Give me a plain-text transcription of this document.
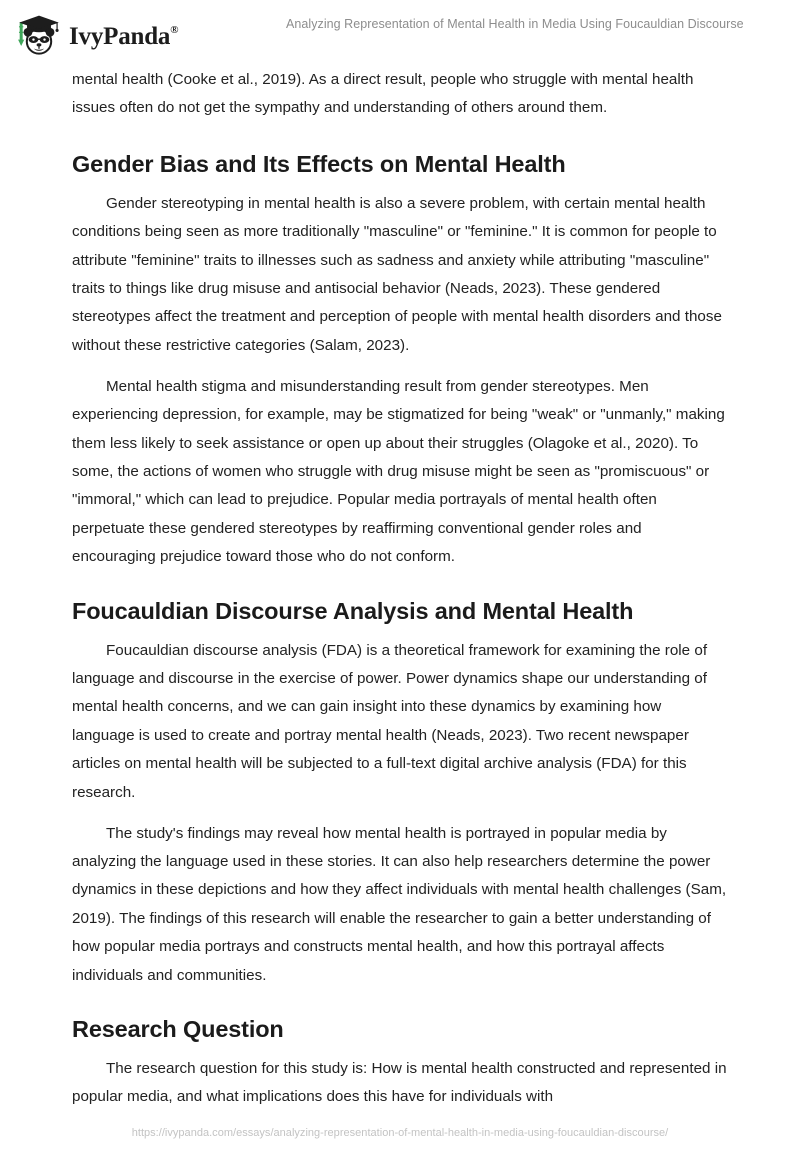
IvyPanda®	Analyzing Representation of Mental Health in Media Using Foucauldian Discourse

mental health (Cooke et al., 2019). As a direct result, people who struggle with mental health issues often do not get the sympathy and understanding of others around them.

Gender Bias and Its Effects on Mental Health

Gender stereotyping in mental health is also a severe problem, with certain mental health conditions being seen as more traditionally "masculine" or "feminine." It is common for people to attribute "feminine" traits to illnesses such as sadness and anxiety while attributing "masculine" traits to things like drug misuse and antisocial behavior (Neads, 2023). These gendered stereotypes affect the treatment and perception of people with mental health disorders and those without these restrictive categories (Salam, 2023).

Mental health stigma and misunderstanding result from gender stereotypes. Men experiencing depression, for example, may be stigmatized for being "weak" or "unmanly," making them less likely to seek assistance or open up about their struggles (Olagoke et al., 2020). To some, the actions of women who struggle with drug misuse might be seen as "promiscuous" or "immoral," which can lead to prejudice. Popular media portrayals of mental health often perpetuate these gendered stereotypes by reaffirming conventional gender roles and encouraging prejudice toward those who do not conform.

Foucauldian Discourse Analysis and Mental Health

Foucauldian discourse analysis (FDA) is a theoretical framework for examining the role of language and discourse in the exercise of power. Power dynamics shape our understanding of mental health concerns, and we can gain insight into these dynamics by examining how language is used to create and portray mental health (Neads, 2023). Two recent newspaper articles on mental health will be subjected to a full-text digital archive analysis (FDA) for this research.

The study's findings may reveal how mental health is portrayed in popular media by analyzing the language used in these stories. It can also help researchers determine the power dynamics in these depictions and how they affect individuals with mental health challenges (Sam, 2019). The findings of this research will enable the researcher to gain a better understanding of how popular media portrays and constructs mental health, and how this portrayal affects individuals and communities.

Research Question

The research question for this study is: How is mental health constructed and represented in popular media, and what implications does this have for individuals with

https://ivypanda.com/essays/analyzing-representation-of-mental-health-in-media-using-foucauldian-discourse/
